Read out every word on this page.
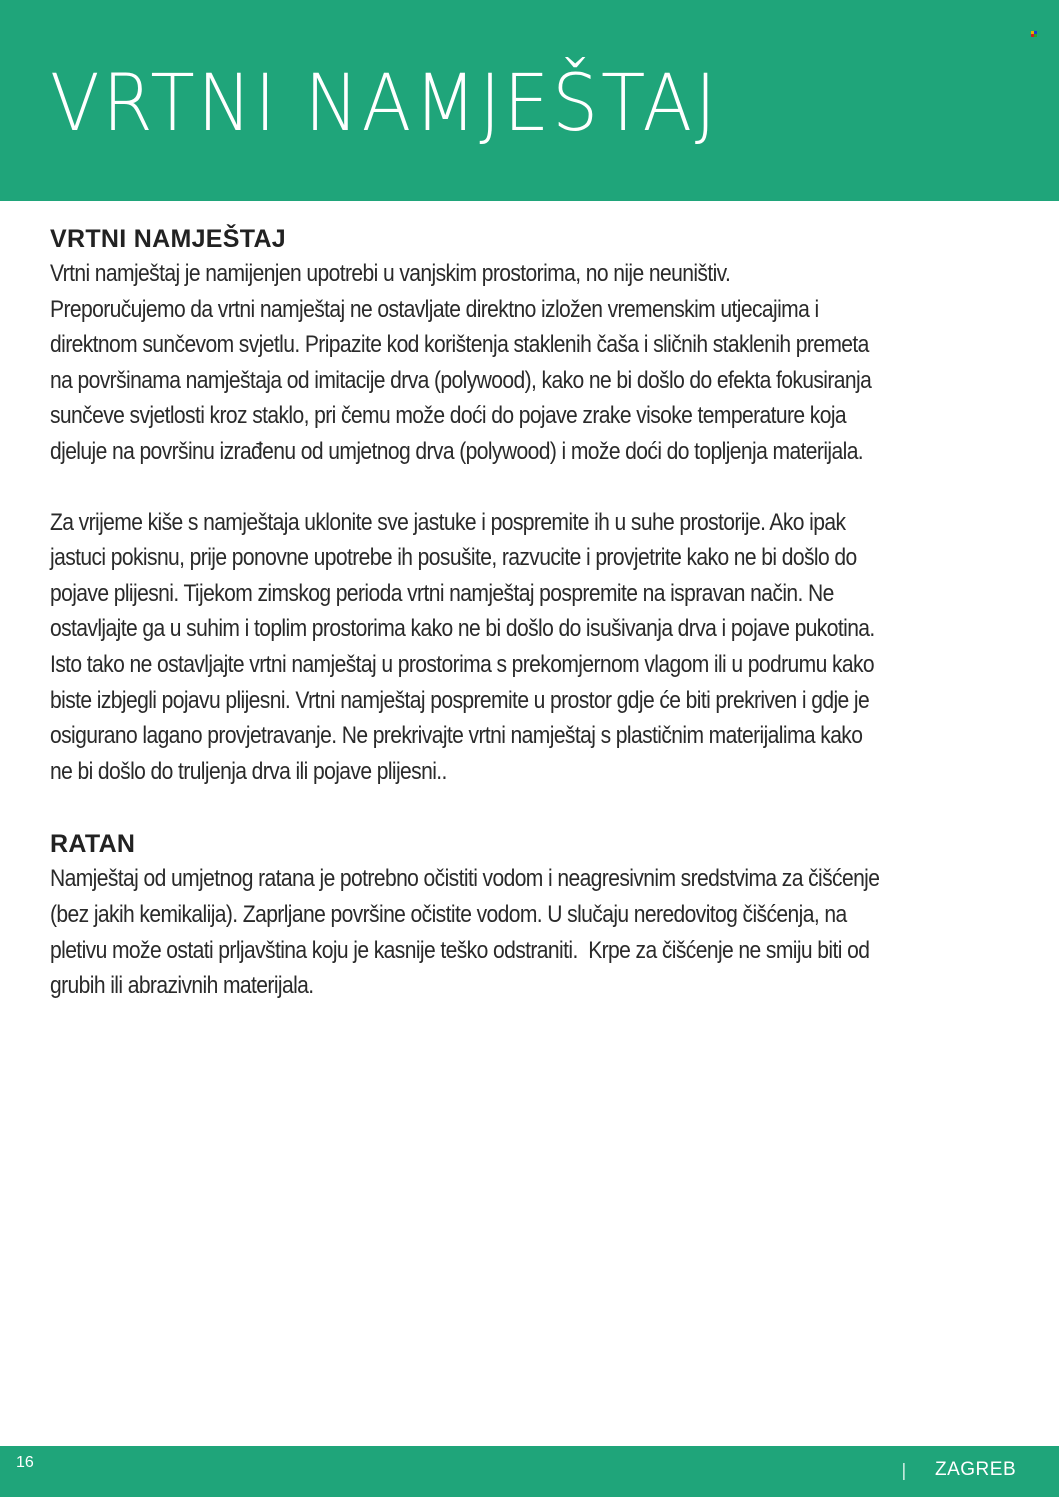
VRTNI NAMJEŠTAJ
VRTNI NAMJEŠTAJ
Vrtni namještaj je namijenjen upotrebi u vanjskim prostorima, no nije neuništiv.
Preporučujemo da vrtni namještaj ne ostavljate direktno izložen vremenskim utjecajima i
direktnom sunčevom svjetlu. Pripazite kod korištenja staklenih čaša i sličnih staklenih premeta
na površinama namještaja od imitacije drva (polywood), kako ne bi došlo do efekta fokusiranja
sunčeve svjetlosti kroz staklo, pri čemu može doći do pojave zrake visoke temperature koja
djeluje na površinu izrađenu od umjetnog drva (polywood) i može doći do topljenja materijala.
Za vrijeme kiše s namještaja uklonite sve jastuke i pospremite ih u suhe prostorije. Ako ipak
jastuci pokisnu, prije ponovne upotrebe ih posušite, razvucite i provjetrite kako ne bi došlo do
pojave plijesni. Tijekom zimskog perioda vrtni namještaj pospremite na ispravan način. Ne
ostavljajte ga u suhim i toplim prostorima kako ne bi došlo do isušivanja drva i pojave pukotina.
Isto tako ne ostavljajte vrtni namještaj u prostorima s prekomjernom vlagom ili u podrumu kako
biste izbjegli pojavu plijesni. Vrtni namještaj pospremite u prostor gdje će biti prekriven i gdje je
osigurano lagano provjetravanje. Ne prekrivajte vrtni namještaj s plastičnim materijalima kako
ne bi došlo do truljenja drva ili pojave plijesni..
RATAN
Namještaj od umjetnog ratana je potrebno očistiti vodom i neagresivnim sredstvima za čišćenje
(bez jakih kemikalija). Zaprljane površine očistite vodom. U slučaju neredovitog čišćenja, na
pletivu može ostati prljavština koju je kasnije teško odstraniti.  Krpe za čišćenje ne smiju biti od
grubih ili abrazivnih materijala.
16	| ZAGREB
